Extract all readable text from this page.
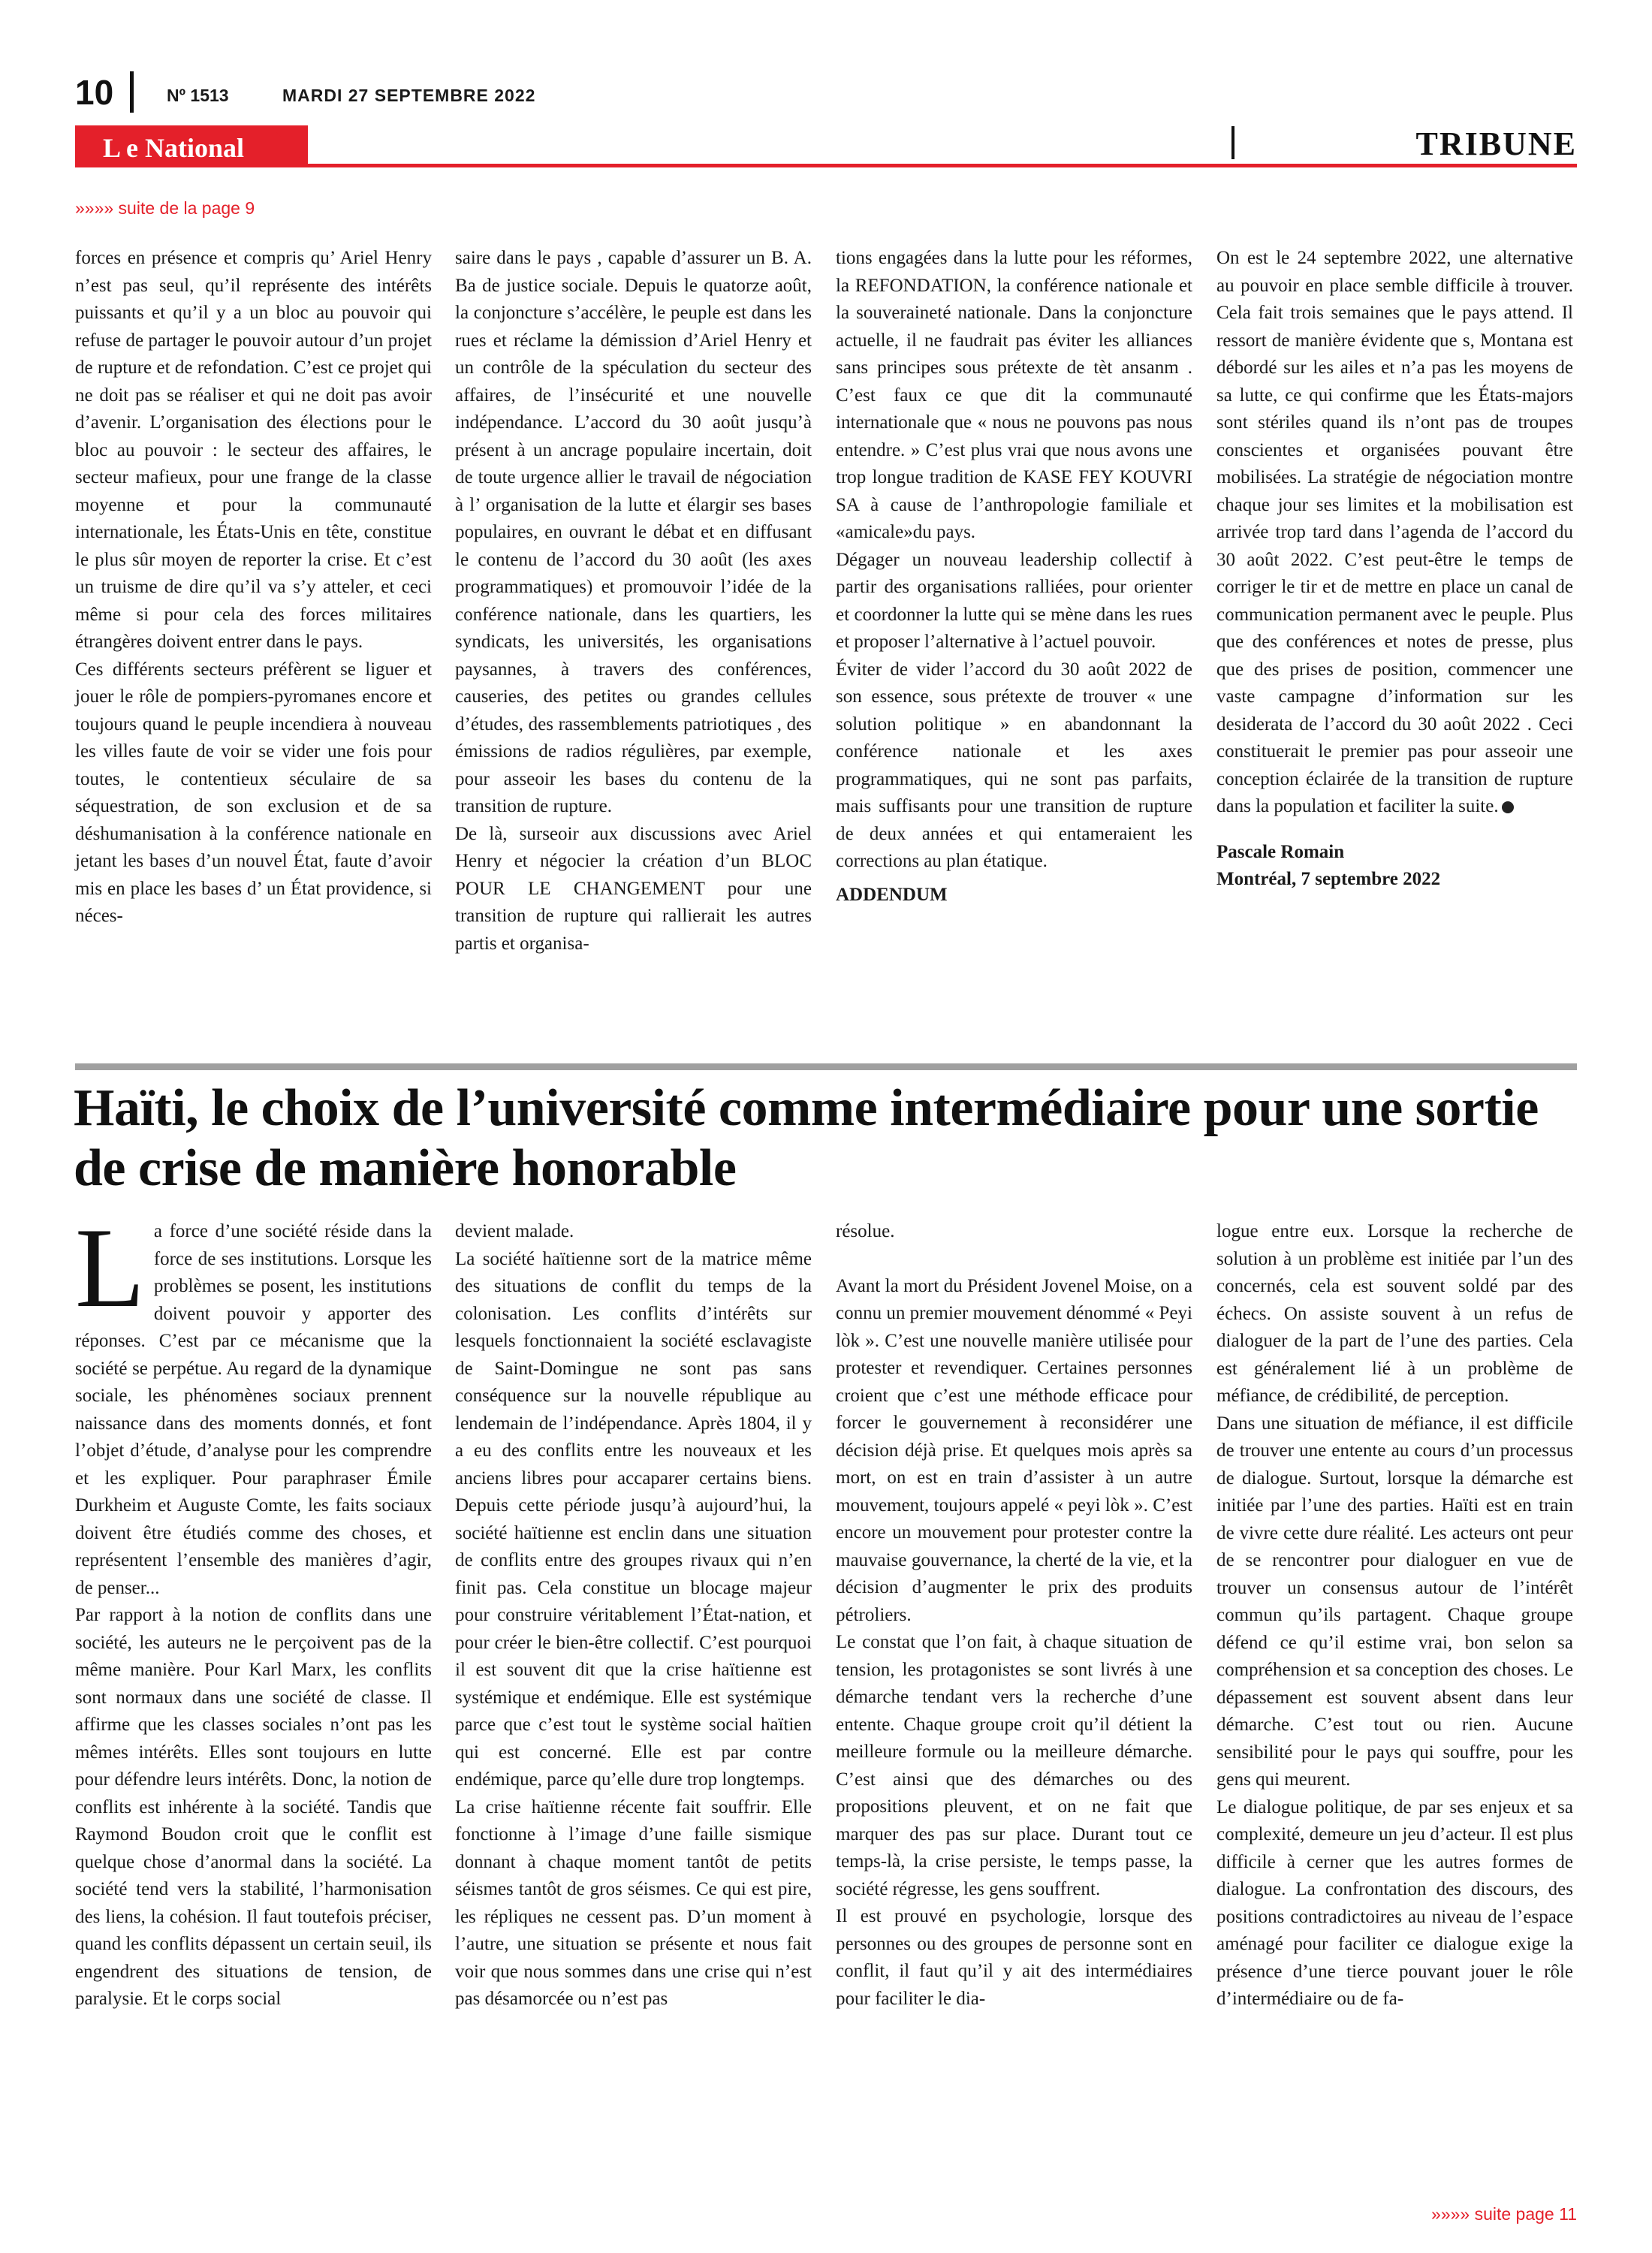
10	Nº 1513	MARDI 27 SEPTEMBRE 2022
L e National	TRIBUNE
»»»» suite de la page 9

forces en présence et compris qu’ Ariel Henry n’est pas seul, qu’il représente des intérêts puissants et qu’il y a un bloc au pouvoir qui refuse de partager le pouvoir autour d’un projet de rupture et de refondation. C’est ce projet qui ne doit pas se réaliser et qui ne doit pas avoir d’avenir. L’organisation des élections pour le bloc au pouvoir : le secteur des affaires, le secteur mafieux, pour une frange de la classe moyenne et pour la communauté internationale, les États-Unis en tête, constitue le plus sûr moyen de reporter la crise. Et c’est un truisme de dire qu’il va s’y atteler, et ceci même si pour cela des forces militaires étrangères doivent entrer dans le pays.

Ces différents secteurs préfèrent se liguer et jouer le rôle de pompiers-pyromanes encore et toujours quand le peuple incendiera à nouveau les villes faute de voir se vider une fois pour toutes, le contentieux séculaire de sa séquestration, de son exclusion et de sa déshumanisation à la conférence nationale en jetant les bases d’un nouvel État, faute d’avoir mis en place les bases d’ un État providence, si néces-

saire dans le pays , capable d’assurer un B. A. Ba de justice sociale. Depuis le quatorze août, la conjoncture s’accélère, le peuple est dans les rues et réclame la démission d’Ariel Henry et un contrôle de la spéculation du secteur des affaires, de l’insécurité et une nouvelle indépendance. L’accord du 30 août jusqu’à présent à un ancrage populaire incertain, doit de toute urgence allier le travail de négociation à l’ organisation de la lutte et élargir ses bases populaires, en ouvrant le débat et en diffusant le contenu de l’accord du 30 août (les axes programmatiques) et promouvoir l’idée de la conférence nationale, dans les quartiers, les syndicats, les universités, les organisations paysannes, à travers des conférences, causeries, des petites ou grandes cellules d’études, des rassemblements patriotiques , des émissions de radios régulières, par exemple, pour asseoir les bases du contenu de la transition de rupture.

De là, surseoir aux discussions avec Ariel Henry et négocier la création d’un BLOC POUR LE CHANGEMENT pour une transition de rupture qui rallierait les autres partis et organisa-

tions engagées dans la lutte pour les réformes, la REFONDATION, la conférence nationale et la souveraineté nationale. Dans la conjoncture actuelle, il ne faudrait pas éviter les alliances sans principes sous prétexte de tèt ansanm . C’est faux ce que dit la communauté internationale que « nous ne pouvons pas nous entendre. » C’est plus vrai que nous avons une trop longue tradition de KASE FEY KOUVRI SA à cause de l’anthropologie familiale et «amicale»du pays.

Dégager un nouveau leadership collectif à partir des organisations ralliées, pour orienter et coordonner la lutte qui se mène dans les rues et proposer l’alternative à l’actuel pouvoir.

Éviter de vider l’accord du 30 août 2022 de son essence, sous prétexte de trouver « une solution politique » en abandonnant la conférence nationale et les axes programmatiques, qui ne sont pas parfaits, mais suffisants pour une transition de rupture de deux années et qui entameraient les corrections au plan étatique.

ADDENDUM

On est le 24 septembre 2022, une alternative au pouvoir en place semble difficile à trouver. Cela fait trois semaines que le pays attend. Il ressort de manière évidente que s, Montana est débordé sur les ailes et n’a pas les moyens de sa lutte, ce qui confirme que les États-majors sont stériles quand ils n’ont pas de troupes conscientes et organisées pouvant être mobilisées. La stratégie de négociation montre chaque jour ses limites et la mobilisation est arrivée trop tard dans l’agenda de l’accord du 30 août 2022. C’est peut-être le temps de corriger le tir et de mettre en place un canal de communication permanent avec le peuple. Plus que des conférences et notes de presse, plus que des prises de position, commencer une vaste campagne d’information sur les desiderata de l’accord du 30 août 2022 . Ceci constituerait le premier pas pour asseoir une conception éclairée de la transition de rupture dans la population et faciliter la suite.

Pascale Romain

Montréal, 7 septembre 2022

Haïti, le choix de l’université comme intermédiaire pour une sortie de crise de manière honorable

La force d’une société réside dans la force de ses institutions. Lorsque les problèmes se posent, les institutions doivent pouvoir y apporter des réponses. C’est par ce mécanisme que la société se perpétue. Au regard de la dynamique sociale, les phénomènes sociaux prennent naissance dans des moments donnés, et font l’objet d’étude, d’analyse pour les comprendre et les expliquer. Pour paraphraser Émile Durkheim et Auguste Comte, les faits sociaux doivent être étudiés comme des choses, et représentent l’ensemble des manières d’agir, de penser...

Par rapport à la notion de conflits dans une société, les auteurs ne le perçoivent pas de la même manière. Pour Karl Marx, les conflits sont normaux dans une société de classe. Il affirme que les classes sociales n’ont pas les mêmes intérêts. Elles sont toujours en lutte pour défendre leurs intérêts. Donc, la notion de conflits est inhérente à la société. Tandis que Raymond Boudon croit que le conflit est quelque chose d’anormal dans la société. La société tend vers la stabilité, l’harmonisation des liens, la cohésion. Il faut toutefois préciser, quand les conflits dépassent un certain seuil, ils engendrent des situations de tension, de paralysie. Et le corps social

devient malade.

La société haïtienne sort de la matrice même des situations de conflit du temps de la colonisation. Les conflits d’intérêts sur lesquels fonctionnaient la société esclavagiste de Saint-Domingue ne sont pas sans conséquence sur la nouvelle république au lendemain de l’indépendance. Après 1804, il y a eu des conflits entre les nouveaux et les anciens libres pour accaparer certains biens. Depuis cette période jusqu’à aujourd’hui, la société haïtienne est enclin dans une situation de conflits entre des groupes rivaux qui n’en finit pas. Cela constitue un blocage majeur pour construire véritablement l’État-nation, et pour créer le bien-être collectif. C’est pourquoi il est souvent dit que la crise haïtienne est systémique et endémique. Elle est systémique parce que c’est tout le système social haïtien qui est concerné. Elle est par contre endémique, parce qu’elle dure trop longtemps.

La crise haïtienne récente fait souffrir. Elle fonctionne à l’image d’une faille sismique donnant à chaque moment tantôt de petits séismes tantôt de gros séismes. Ce qui est pire, les répliques ne cessent pas. D’un moment à l’autre, une situation se présente et nous fait voir que nous sommes dans une crise qui n’est pas désamorcée ou n’est pas

résolue.

Avant la mort du Président Jovenel Moise, on a connu un premier mouvement dénommé « Peyi lòk ». C’est une nouvelle manière utilisée pour protester et revendiquer. Certaines personnes croient que c’est une méthode efficace pour forcer le gouvernement à reconsidérer une décision déjà prise. Et quelques mois après sa mort, on est en train d’assister à un autre mouvement, toujours appelé « peyi lòk ». C’est encore un mouvement pour protester contre la mauvaise gouvernance, la cherté de la vie, et la décision d’augmenter le prix des produits pétroliers.

Le constat que l’on fait, à chaque situation de tension, les protagonistes se sont livrés à une démarche tendant vers la recherche d’une entente. Chaque groupe croit qu’il détient la meilleure formule ou la meilleure démarche. C’est ainsi que des démarches ou des propositions pleuvent, et on ne fait que marquer des pas sur place. Durant tout ce temps-là, la crise persiste, le temps passe, la société régresse, les gens souffrent.

Il est prouvé en psychologie, lorsque des personnes ou des groupes de personne sont en conflit, il faut qu’il y ait des intermédiaires pour faciliter le dia-

logue entre eux. Lorsque la recherche de solution à un problème est initiée par l’un des concernés, cela est souvent soldé par des échecs. On assiste souvent à un refus de dialoguer de la part de l’une des parties. Cela est généralement lié à un problème de méfiance, de crédibilité, de perception.

Dans une situation de méfiance, il est difficile de trouver une entente au cours d’un processus de dialogue. Surtout, lorsque la démarche est initiée par l’une des parties. Haïti est en train de vivre cette dure réalité. Les acteurs ont peur de se rencontrer pour dialoguer en vue de trouver un consensus autour de l’intérêt commun qu’ils partagent. Chaque groupe défend ce qu’il estime vrai, bon selon sa compréhension et sa conception des choses. Le dépassement est souvent absent dans leur démarche. C’est tout ou rien. Aucune sensibilité pour le pays qui souffre, pour les gens qui meurent.

Le dialogue politique, de par ses enjeux et sa complexité, demeure un jeu d’acteur. Il est plus difficile à cerner que les autres formes de dialogue. La confrontation des discours, des positions contradictoires au niveau de l’espace aménagé pour faciliter ce dialogue exige la présence d’une tierce pouvant jouer le rôle d’intermédiaire ou de fa-

»»»» suite page 11
